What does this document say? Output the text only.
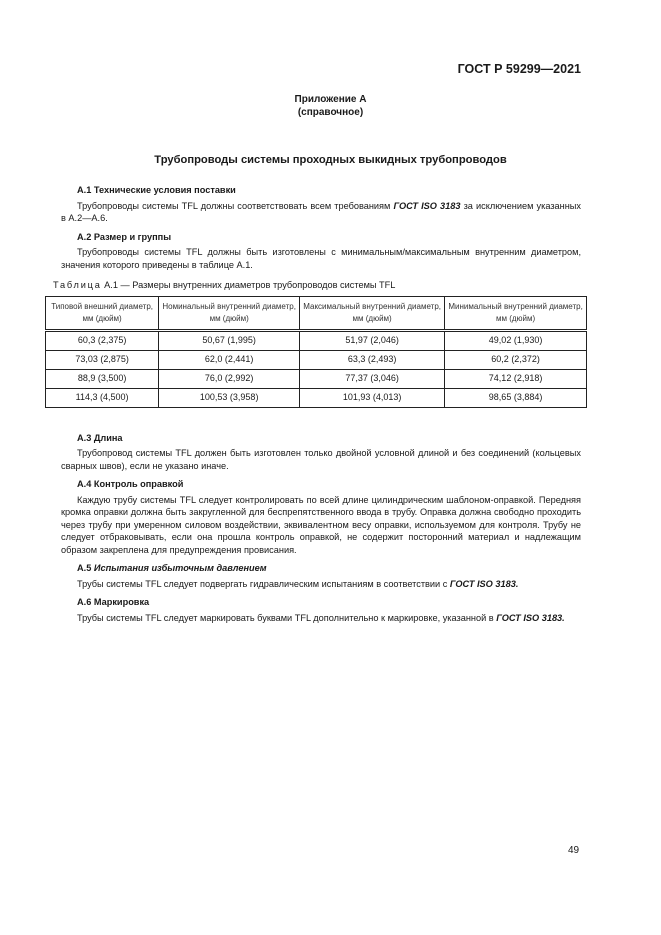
ГОСТ Р 59299—2021
Приложение А
(справочное)
Трубопроводы системы проходных выкидных трубопроводов
А.1 Технические условия поставки

Трубопроводы системы TFL должны соответствовать всем требованиям ГОСТ ISO 3183 за исключением указанных в А.2—А.6.

А.2 Размер и группы

Трубопроводы системы TFL должны быть изготовлены с минимальным/максимальным внутренним диаметром, значения которого приведены в таблице А.1.

Таблица А.1 — Размеры внутренних диаметров трубопроводов системы TFL
Типовой внешний диаметр, мм (дюйм)	Номинальный внутренний диаметр, мм (дюйм)	Максимальный внутренний диаметр, мм (дюйм)	Минимальный внутренний диаметр, мм (дюйм)
60,3 (2,375)	50,67 (1,995)	51,97 (2,046)	49,02 (1,930)
73,03 (2,875)	62,0 (2,441)	63,3 (2,493)	60,2 (2,372)
88,9 (3,500)	76,0 (2,992)	77,37 (3,046)	74,12 (2,918)
114,3 (4,500)	100,53 (3,958)	101,93 (4,013)	98,65 (3,884)
А.3 Длина

Трубопровод системы TFL должен быть изготовлен только двойной условной длиной и без соединений (кольцевых сварных швов), если не указано иначе.

А.4 Контроль оправкой

Каждую трубу системы TFL следует контролировать по всей длине цилиндрическим шаблоном-оправкой. Передняя кромка оправки должна быть закругленной для беспрепятственного ввода в трубу. Оправка должна свободно проходить через трубу при умеренном силовом воздействии, эквивалентном весу оправки, используемом для контроля. Трубу не следует отбраковывать, если она прошла контроль оправкой, не содержит посторонний материал и надлежащим образом закреплена для предупреждения провисания.

А.5 Испытания избыточным давлением

Трубы системы TFL следует подвергать гидравлическим испытаниям в соответствии с ГОСТ ISO 3183.

А.6 Маркировка

Трубы системы TFL следует маркировать буквами TFL дополнительно к маркировке, указанной в ГОСТ ISO 3183.

49
